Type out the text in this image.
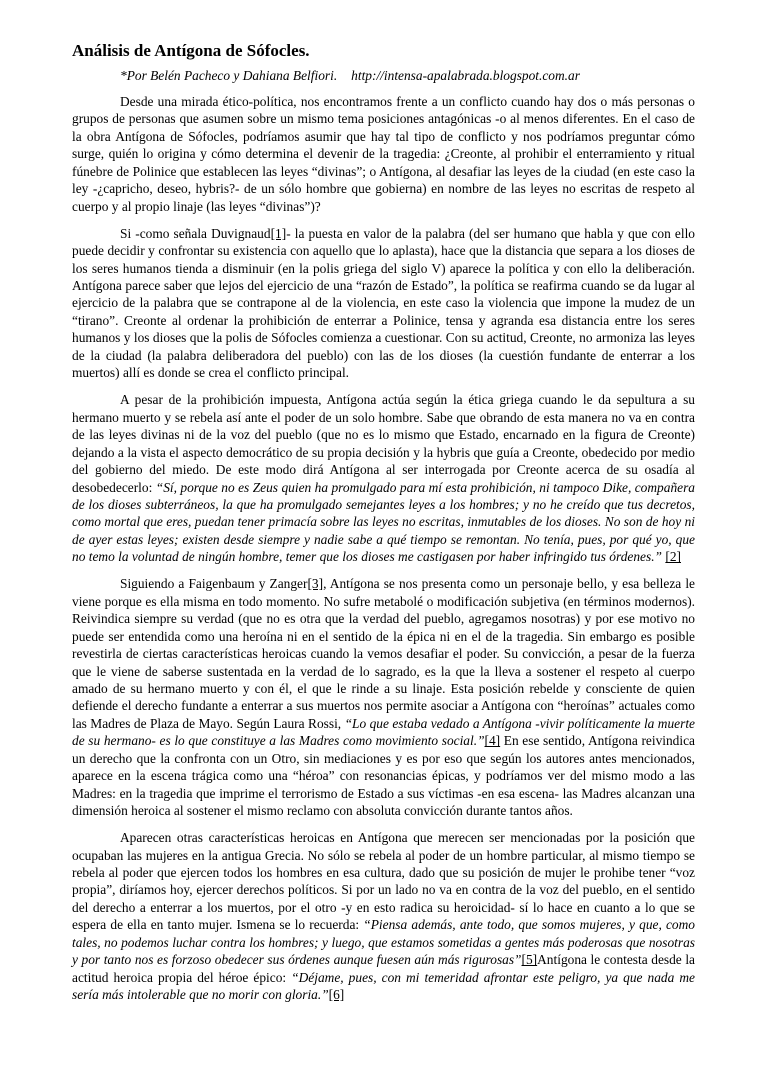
Análisis de Antígona de Sófocles.
*Por Belén Pacheco y Dahiana Belfiori. http://intensa-apalabrada.blogspot.com.ar

Desde una mirada ético-política, nos encontramos frente a un conflicto cuando hay dos o más personas o grupos de personas que asumen sobre un mismo tema posiciones antagónicas -o al menos diferentes. En el caso de la obra Antígona de Sófocles, podríamos asumir que hay tal tipo de conflicto y nos podríamos preguntar cómo surge, quién lo origina y cómo determina el devenir de la tragedia: ¿Creonte, al prohibir el enterramiento y ritual fúnebre de Polinice que establecen las leyes “divinas”; o Antígona, al desafiar las leyes de la ciudad (en este caso la ley -¿capricho, deseo, hybris?- de un sólo hombre que gobierna) en nombre de las leyes no escritas de respeto al cuerpo y al propio linaje (las leyes “divinas”)?

Si -como señala Duvignaud[1]- la puesta en valor de la palabra (del ser humano que habla y que con ello puede decidir y confrontar su existencia con aquello que lo aplasta), hace que la distancia que separa a los dioses de los seres humanos tienda a disminuir (en la polis griega del siglo V) aparece la política y con ello la deliberación. Antígona parece saber que lejos del ejercicio de una “razón de Estado”, la política se reafirma cuando se da lugar al ejercicio de la palabra que se contrapone al de la violencia, en este caso la violencia que impone la mudez de un “tirano”. Creonte al ordenar la prohibición de enterrar a Polinice, tensa y agranda esa distancia entre los seres humanos y los dioses que la polis de Sófocles comienza a cuestionar. Con su actitud, Creonte, no armoniza las leyes de la ciudad (la palabra deliberadora del pueblo) con las de los dioses (la cuestión fundante de enterrar a los muertos) allí es donde se crea el conflicto principal.

A pesar de la prohibición impuesta, Antígona actúa según la ética griega cuando le da sepultura a su hermano muerto y se rebela así ante el poder de un solo hombre. Sabe que obrando de esta manera no va en contra de las leyes divinas ni de la voz del pueblo (que no es lo mismo que Estado, encarnado en la figura de Creonte) dejando a la vista el aspecto democrático de su propia decisión y la hybris que guía a Creonte, obedecido por medio del gobierno del miedo. De este modo dirá Antígona al ser interrogada por Creonte acerca de su osadía al desobedecerlo: “Sí, porque no es Zeus quien ha promulgado para mí esta prohibición, ni tampoco Dike, compañera de los dioses subterráneos, la que ha promulgado semejantes leyes a los hombres; y no he creído que tus decretos, como mortal que eres, puedan tener primacía sobre las leyes no escritas, inmutables de los dioses. No son de hoy ni de ayer estas leyes; existen desde siempre y nadie sabe a qué tiempo se remontan. No tenía, pues, por qué yo, que no temo la voluntad de ningún hombre, temer que los dioses me castigasen por haber infringido tus órdenes.” [2]

Siguiendo a Faigenbaum y Zanger[3], Antígona se nos presenta como un personaje bello, y esa belleza le viene porque es ella misma en todo momento. No sufre metabolé o modificación subjetiva (en términos modernos). Reivindica siempre su verdad (que no es otra que la verdad del pueblo, agregamos nosotras) y por ese motivo no puede ser entendida como una heroína ni en el sentido de la épica ni en el de la tragedia. Sin embargo es posible revestirla de ciertas características heroicas cuando la vemos desafiar el poder. Su convicción, a pesar de la fuerza que le viene de saberse sustentada en la verdad de lo sagrado, es la que la lleva a sostener el respeto al cuerpo amado de su hermano muerto y con él, el que le rinde a su linaje. Esta posición rebelde y consciente de quien defiende el derecho fundante a enterrar a sus muertos nos permite asociar a Antígona con “heroínas” actuales como las Madres de Plaza de Mayo. Según Laura Rossi, “Lo que estaba vedado a Antígona -vivir políticamente la muerte de su hermano- es lo que constituye a las Madres como movimiento social.”[4] En ese sentido, Antígona reivindica un derecho que la confronta con un Otro, sin mediaciones y es por eso que según los autores antes mencionados, aparece en la escena trágica como una “héroa” con resonancias épicas, y podríamos ver del mismo modo a las Madres: en la tragedia que imprime el terrorismo de Estado a sus víctimas -en esa escena- las Madres alcanzan una dimensión heroica al sostener el mismo reclamo con absoluta convicción durante tantos años.

Aparecen otras características heroicas en Antígona que merecen ser mencionadas por la posición que ocupaban las mujeres en la antigua Grecia. No sólo se rebela al poder de un hombre particular, al mismo tiempo se rebela al poder que ejercen todos los hombres en esa cultura, dado que su posición de mujer le prohibe tener “voz propia”, diríamos hoy, ejercer derechos políticos. Si por un lado no va en contra de la voz del pueblo, en el sentido del derecho a enterrar a los muertos, por el otro -y en esto radica su heroicidad- sí lo hace en cuanto a lo que se espera de ella en tanto mujer. Ismena se lo recuerda: “Piensa además, ante todo, que somos mujeres, y que, como tales, no podemos luchar contra los hombres; y luego, que estamos sometidas a gentes más poderosas que nosotras y por tanto nos es forzoso obedecer sus órdenes aunque fuesen aún más rigurosas”[5]Antígona le contesta desde la actitud heroica propia del héroe épico: “Déjame, pues, con mi temeridad afrontar este peligro, ya que nada me sería más intolerable que no morir con gloria.”[6]
